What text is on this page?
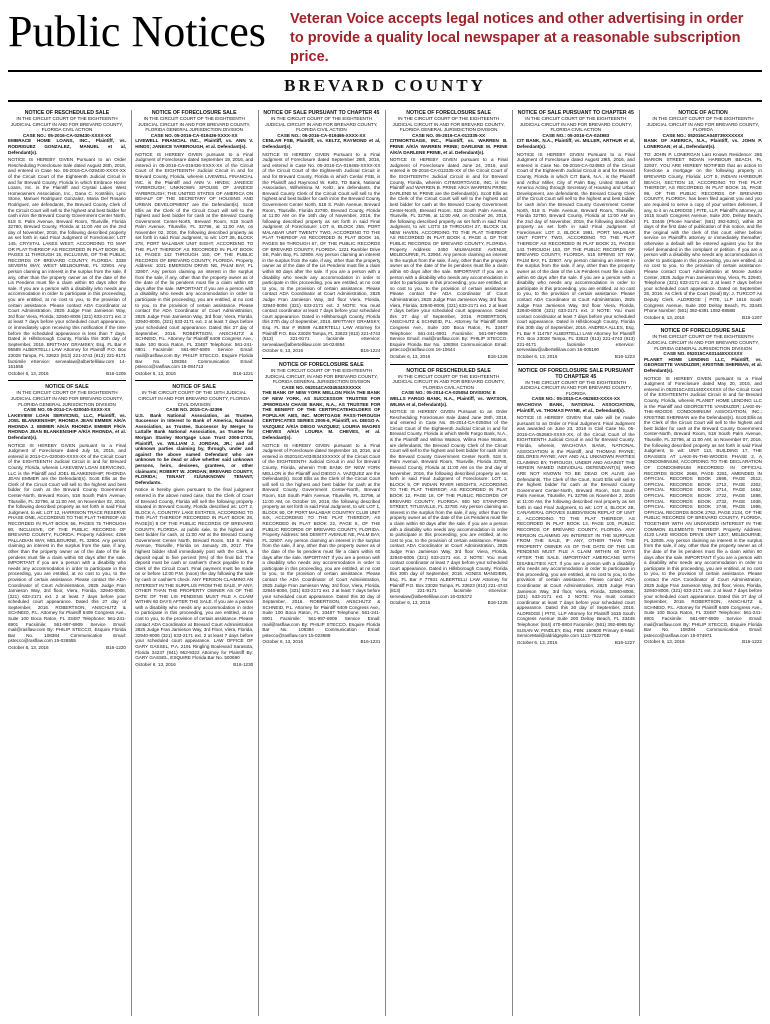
Public Notices Veteran Voice accepts legal notices and other advertising in order to provide a quality local newspaper at a reasonable subscription price.
BREVARD COUNTY

NOTICE OF RESCHEDULED SALE

IN THE CIRCUIT COURT OF THE EIGHTEENTH JUDICIAL CIRCUIT IN AND FOR BREVARD COUNTY, FLORIDA CIVIL ACTION

CASE NO.: 05-2016-CA-029430-XXXX-XX

EMBRACE HOME LOANS, INC., Plaintiff, vs. RODRIGUEZ GONZALEZ, MANUEL et al, Defendant(s).

NOTICE IS HEREBY GIVEN Pursuant to an Order Rescheduling Foreclosure Sale dated August 26th, 2016, and entered in Case No. 05-2016-CA-029430-XXXX-XX of the Circuit Court of the Eighteenth Judicial Circuit in and for Brevard County, Florida in which Embrace Home Loans, Inc. is the Plaintiff and Crystal Lakes West Homeowners Association, Inc., Dana C. Kostrikin, Lyric Stone, Manuel Rodriguez Gonzalez, Maria Del Rosario Rodriguez, are defendants, the Brevard County Clerk of the Circuit Court will sell to the highest and best bidder for cash in/on the Brevard County Government Center North, 518 S. Palm Avenue, Brevard Room, Titusville, Florida 32780, Brevard County, Florida at 11:00 AM on the 2nd day of November, 2016, the following described property as set forth in said Final Judgment of Foreclosure: LOT 145, CRYSTAL LAKES WEST, ACCORDING TO MAP OR PLAT THEREOF AS RECORDED IN PLAT BOOK 56, PAGES 11 THROUGH 15, INCLUSIVE, OF THE PUBLIC RECORDS OF BREVARD COUNTY, FLORIDA. 3338 SEVERN WAY, WEST MELBOURNE, FL 32904. Any person claiming an interest in the surplus from the sale, if any, other than the property owner as of the date of the Lis Pendens must file a claim within 60 days after the sale. If you are a person with a disability who needs any accommodation in order to participate in this proceeding, you are entitled, at no cost to you, to the provision of certain assistance. Please contact ADA Coordinator at Court Administration, 2825 Judge Fran Jamieson Way, 3rd floor Viera, Florida, 32940-8006 (321) 633-2171 ext. 2 at least 7 days before your scheduled court appearance, or immediately upon receiving this notification if the time before the scheduled appearance is less than 7 days. Dated in Hillsborough County, Florida this 30th day of September, 2016. BRITTANY GRAMSKY, Esq. FL Bar # 95589 ALBERTELLI LAW Attorney for Plaintiff P.O. Box 23028 Tampa, FL 33623 (813) 221-4743 (813) 221-9171 facsimile eService: servealaw@albertellilaw.com 14-151555

October 6, 13, 2016	B16-1205

NOTICE OF SALE

IN THE CIRCUIT COURT OF THE EIGHTEENTH JUDICIAL CIRCUIT IN AND FOR BREVARD COUNTY, FLORIDA GENERAL JURISDICTION DIVISION

CASE NO. 05-2014-CA-020040-XXXX-XX

LAKEVIEW LOAN SERVICING, LLC, Plaintiff, vs. JOEL BLANKENSHIP; RHONDA JEAN EMMER A/K/A RHONDA J. EMMER A/K/A RHONDA EMMER F/K/A RHONDA JEAN BLANKENSHIP A/K/A RHONDA, et al. Defendant(s).

NOTICE IS HEREBY GIVEN pursuant to a Final Judgment of Foreclosure dated July 16, 2015, and entered in 2014-CA-020040-XXXX-XX of the Circuit Court of the EIGHTEENTH Judicial Circuit in and for Brevard County, Florida, wherein LAKEVIEW LOAN SERVICING, LLC is the Plaintiff and JOEL BLANKENSHIP; RHONDA JEAN EMMER are the Defendant(s). Scott Ellis as the Clerk of the Circuit Court will sell to the highest and best bidder for cash at the Brevard County Government Center-North, Brevard Room, 518 South Palm Avenue, Titusville, FL 32796, at 11:00 AM, on November 02, 2016, the following described property as set forth in said Final Judgment, to wit: LOT 12, HARRISON TRACE RESERVE PHASE ONE, ACCORDING TO THE PLAT THEREOF AS RECORDED IN PLAT BOOK 56, PAGES 75 THROUGH 80, INCLUSIVE, OF THE PUBLIC RECORDS OF BREVARD COUNTY, FLORIDA. Property Address: 4266 PALLADIAN WAY, MELBOURNE, FL 32904. Any person claiming an interest in the surplus from the sale, if any, other than the property owner as of the date of the lis pendens must file a claim within 60 days after the sale. IMPORTANT If you are a person with a disability who needs any accommodation in order to participate in this proceeding, you are entitled, at no cost to you, to the provision of certain assistance. Please contact the ADA Coordinator of Court Administration, 2825 Judge Fran Jamieson Way, 3rd floor, Viera, Florida, 32940-8006, (321) 633-2171 ext. 2 at least 7 days before your scheduled court appearance. Dated this 27 day of September, 2016. ROBERTSON, ANSCHUTZ & SCHNEID, P.L. Attorney for Plaintiff 6409 Congress Ave., Suite 100 Boca Raton, FL 33487 Telephone: 561-241-6901 Facsimile: 561-997-6909 Service Email: mail@rasflaw.com By: PHILIP STECCO, Esquire Florida Bar No. 108384 Communication Email: pstecco@rasflaw.com 15-026555

October 6, 13, 2016	B16-1220

NOTICE OF FORECLOSURE SALE

IN THE CIRCUIT COURT OF THE EIGHTEENTH JUDICIAL CIRCUIT IN AND FOR BREVARD COUNTY, FLORIDA GENERAL JURISDICTION DIVISION

CASE NO. 05-2016-CA-019436-XXXX-XX

LIVEWELL FINANCIAL INC., Plaintiff, vs. ANN V. HINDS; JANEICE YARBROUGH, et al. Defendant(s).

NOTICE IS HEREBY GIVEN pursuant to a Final Judgment of Foreclosure dated September 19, 2016, and entered in 05-2016-CA-019436-XXXX-XX of the Circuit Court of the EIGHTEENTH Judicial Circuit in and for Brevard County, Florida, wherein LIVEWELL FINANCIAL INC. is the Plaintiff and ANN V. HINDS; JANEICE YARBROUGH; UNKNOWN SPOUSE OF JANEICE YARBROUGH; THE UNITED STATES OF AMERICA ON BEHALF OF THE SECRETARY OF HOUSING AND URBAN DEVELOPMENT are the Defendant(s). Scott Ellis as the Clerk of the Circuit Court will sell to the highest and best bidder for cash at the Brevard County Government Center-North, Brevard Room, 518 South Palm Avenue, Titusville, FL 32796, at 11:00 AM, on November 02, 2016, the following described property as set forth in said Final Judgment, to wit: LOT 36, BLOCK 278, PORT MALABAR UNIT EIGHT, ACCORDING TO THE PLAT THEREOF AS RECORDED IN PLAT BOOK 14, PAGES 142 THROUGH 150, OF THE PUBLIC RECORDS OF BREVARD COUNTY, FLORIDA. Property Address: 1021 EMERSON DRIVE NE, PALM BAY, FL 32907. Any person claiming an interest in the surplus from the sale, if any, other than the property owner as of the date of the lis pendens must file a claim within 60 days after the sale. IMPORTANT If you are a person with a disability who needs any accommodation in order to participate in this proceeding, you are entitled, at no cost to you, to the provision of certain assistance. Please contact the ADA Coordinator of Court Administration, 2825 Judge Fran Jamieson Way, 3rd floor, Viera, Florida, 32940-8006, (321) 633-2171 ext. 2 at least 7 days before your scheduled court appearance. Dated this 27 day of September, 2016. ROBERTSON, ANSCHUTZ & SCHNEID, P.L. Attorney for Plaintiff 6409 Congress Ave., Suite 100 Boca Raton, FL 33487 Telephone: 561-241-6901 Facsimile: 561-997-6909 Service Email: mail@rasflaw.com By: PHILIP STECCO, Esquire Florida Bar No. 108384 Communication Email: pstecco@rasflaw.com 15-084713

October 6, 13, 2016	B16-1221

NOTICE OF SALE

IN THE CIRCUIT COURT OF THE 18TH JUDICIAL CIRCUIT IN AND FOR BREVARD COUNTY, FLORIDA CIVIL DIVISION

CASE NO. 2015-CA-42396

U.S. Bank National Association, as Trustee, Successor in Interest to Bank of America, National Association, as Trustee, Successor by Merger to LaSalle Bank National Association, as Trustee for Morgan Stanley Mortgage Loan Trust 2006-17XS, Plaintiff, vs. WILLIAM J. JORDAN, JR.; and all unknown parties claiming by, through, under and against the above named Defendant who are unknown to be dead or alive whether said unknown persons, heirs, devisees, grantees, or other claimants; ROBERT W. JORDAN; BREVARD COUNTY, FLORIDA; TENANT #1/UNKNOWN TENANT, Defendants.

Notice is hereby given pursuant to the final judgment entered in the above noted case, that the Clerk of Court of Brevard County, Florida will sell the following property situated in Brevard County, Florida described as: LOT 2, BLOCK A, COUNTRY LAKE ESTATES, ACCORDING TO THE PLAT THEREOF RECORDED IN PLAT BOOK 28, PAGE(S) 8 OF THE PUBLIC RECORDS OF BREVARD COUNTY, FLORIDA. at public sale, to the highest and best bidder for cash, at 11:00 AM at the Brevard County Government Center North, Brevard Room, 518 S. Palm Avenue, Titusville, Florida on January 25, 2017. The highest bidder shall immediately post with the Clerk, a deposit equal to five percent (5%) of the final bid. The deposit must be cash or cashier's check payable to the Clerk of the Circuit Court. Final payment must be made on or before 12:00 P.M. (noon) the day following the sale by cash or cashier's check. ANY PERSON CLAIMING AN INTEREST IN THE SURPLUS FROM THE SALE, IF ANY, OTHER THAN THE PROPERTY OWNER AS OF THE DATE OF THE LIS PENDENS MUST FILE A CLAIM WITHIN 60 DAYS AFTER THE SALE. If you are a person with a disability who needs any accommodation in order to participate in this proceeding, you are entitled, at no cost to you, to the provision of certain assistance. Please contact ADA Coordinator at Brevard Court Administration 2825 Judge Fran Jamieson Way, 3rd Floor, Viera, Florida, 32940-8006 (321) 633-2171 ext. 2 at least 7 days before your scheduled court appearance. LAW OFFICE OF GARY GASSEL, P.A. 2191 Ringling Boulevard Sarasota, Florida 34237 (941) 952-9322 Attorney for Plaintiff By: GARY GASSEL, ESQUIRE Florida Bar No. 500690

October 6, 13, 2016	B16-1230

NOTICE OF SALE PURSUANT TO CHAPTER 45

IN THE CIRCUIT COURT OF THE EIGHTEENTH JUDICIAL CIRCUIT IN AND FOR BREVARD COUNTY, FLORIDA CIVIL ACTION

CASE NO.: 05-2016-CA-019465-XXXX-XX

CENLAR FSB, Plaintiff, vs. KELTZ, RAYMOND et al, Defendant(s).

NOTICE IS HEREBY GIVEN Pursuant to a Final Judgment of Foreclosure dated September 26th, 2016, and entered in Case No. 05-2016-CA-019465-XXXX-XX of the Circuit Court of the Eighteenth Judicial Circuit in and for Brevard County, Florida in which Cenlar FSB, is the Plaintiff and Raymond W. Keltz, TD Bank, National Association, Wilhelmina M. Keltz, are defendants, the Brevard County Clerk of the Circuit Court will sell to the highest and best bidder for cash in/on the Brevard County Government Center North, 518 S. Palm Avenue, Brevard Room, Titusville, Florida 32780, Brevard County, Florida at 11:00 AM on the 16th day of November, 2016, the following described property as set forth in said Final Judgment of Foreclosure: LOT 8, BLOCK 255, PORT MALABAR UNIT TWENTY TWO, ACCORDING TO THE PLAT THEREOF AS RECORDED IN PLAT BOOK 16, PAGES 59 THROUGH 67, OF THE PUBLIC RECORDS OF BREVARD COUNTY, FLORIDA. 1221 Rambler Drive SE, Palm Bay, FL 32909. Any person claiming an interest in the surplus from the sale, if any, other than the property owner as of the date of the Lis Pendens must file a claim within 60 days after the sale. If you are a person with a disability who needs any accommodation in order to participate in this proceeding, you are entitled, at no cost to you, to the provision of certain assistance. Please contact ADA Coordinator at Court Administration, 2825 Judge Fran Jamieson Way, 3rd floor Viera, Florida, 32940-8006 (321) 633-2171 ext. 2 NOTE: You must contact coordinator at least 7 days before your scheduled court appearance. Dated in Hillsborough County, Florida this 27th day of September, 2016. BRITTANY GRAMSKY, Esq. FL Bar # 95589 ALBERTELLI LAW Attorney for Plaintiff P.O. Box 23028 Tampa, FL 33623 (813) 221-4743 (813) 221-9171 facsimile eService: servealaw@albertellilaw.com 16-024854

October 6, 13, 2016	B16-1224

NOTICE OF FORECLOSURE SALE

IN THE CIRCUIT COURT OF THE EIGHTEENTH JUDICIAL CIRCUIT, IN AND FOR BREVARD COUNTY, FLORIDA GENERAL JURISDICTION DIVISION

CASE NO. 052014CA034534XXXXXX

THE BANK OF NEW YORK MELLON F/K/A THE BANK OF NEW YORK, AS SUCCESSOR TRUSTEE FOR JPMORGAN CHASE BANK, N.A., AS TRUSTEE FOR THE BENEFIT OF THE CERTIFICATEHOLDERS OF POPULAR ABS, INC. MORTGAGE PASS-THROUGH CERTIFICATES SERIES 2005-6, Plaintiff, vs. DIEGO A. VAZQUEZ A/K/A DIEGO VAZQUEZ; LOURIA MAGRIS CHEVES A/K/A LOURIA M. CHEVES, et al. Defendant(s).

NOTICE IS HEREBY GIVEN pursuant to a Final Judgment of Foreclosure dated September 16, 2016, and entered in 052014CA034534XXXXXX of the Circuit Court of the EIGHTEENTH Judicial Circuit in and for Brevard County, Florida, wherein THE BANK OF NEW YORK MELLON is the Plaintiff and DIEGO A. VAZQUEZ are the Defendant(s). Scott Ellis as the Clerk of the Circuit Court will sell to the highest and best bidder for cash at the Brevard County Government Center-North, Brevard Room, 518 South Palm Avenue, Titusville, FL 32796, at 11:00 AM, on October 19, 2016, the following described property as set forth in said Final Judgment, to wit: LOT 1, BLOCK 90, OF PORT MALABAR COUNTRY CLUB UNIT SIX, ACCORDING TO THE PLAT THEREOF, AS RECORDED IN PLAT BOOK 22, PAGE 6, OF THE PUBLIC RECORDS OF BREVARD COUNTY, FLORIDA. Property Address: 565 DEWITT AVENUE NE, PALM BAY, FL 32907. Any person claiming an interest in the surplus from the sale, if any, other than the property owner as of the date of the lis pendens must file a claim within 60 days after the sale. IMPORTANT If you are a person with a disability who needs any accommodation in order to participate in this proceeding, you are entitled, at no cost to you, to the provision of certain assistance. Please contact the ADA Coordinator of Court Administration, 2825 Judge Fran Jamieson Way, 3rd floor, Viera, Florida, 32940-8006, (321) 633-2171 ext. 2 at least 7 days before your scheduled court appearance. Dated this 30 day of September, 2016. ROBERTSON, ANSCHUTZ & SCHNEID, P.L. Attorney for Plaintiff 6409 Congress Ave., Suite 100 Boca Raton, FL 33487 Telephone: 561-241-6901 Facsimile: 561-997-6909 Service Email: mail@rasflaw.com By: PHILIP STECCO, Esquire Florida Bar No. 108384 Communication Email: pstecco@rasflaw.com 15-023688

October 6, 13, 2016	B16-1231

NOTICE OF FORECLOSURE SALE

IN THE CIRCUIT COURT OF THE EIGHTEENTH JUDICIAL CIRCUIT IN AND FOR BREVARD COUNTY, FLORIDA GENERAL JURISDICTION DIVISION

CASE NO. 05-2016-CA-012335-XX

CITIMORTGAGE, INC., Plaintiff, vs. WARREN B. PRINE A/K/A WARREN PRINE; DARLENE M. PRINE A/K/A DARLENE PRINE, et al. Defendant(s).

NOTICE IS HEREBY GIVEN pursuant to a Final Judgment of Foreclosure dated June 24, 2016, and entered in 05-2016-CA-012335-XX of the Circuit Court of the EIGHTEENTH Judicial Circuit in and for Brevard County, Florida, wherein CITIMORTGAGE, INC. is the Plaintiff and WARREN B. PRINE A/K/A WARREN PRINE; DARLENE M. PRINE are the Defendant(s). Scott Ellis as the Clerk of the Circuit Court will sell to the highest and best bidder for cash at the Brevard County Government Center-North, Brevard Room, 518 South Palm Avenue, Titusville, FL 32796, at 11:00 AM, on October 26, 2016, the following described property as set forth in said Final Judgment, to wit: LOTS 19 THROUGH 27, BLOCK 19, NEW HAVEN, ACCORDING TO THE PLAT THEREOF AS RECORDED IN PLAT BOOK 4, PAGE 4, OF THE PUBLIC RECORDS OF BREVARD COUNTY, FLORIDA. Property Address: 3450 MILWAUKEE AVENUE, MELBOURNE, FL 32904. Any person claiming an interest in the surplus from the sale, if any, other than the property owner as of the date of the lis pendens must file a claim within 60 days after the sale. IMPORTANT If you are a person with a disability who needs any accommodation in order to participate in this proceeding, you are entitled, at no cost to you, to the provision of certain assistance. Please contact the ADA Coordinator of Court Administration, 2825 Judge Fran Jamieson Way, 3rd floor, Viera, Florida, 32940-8006, (321) 633-2171 ext. 2 at least 7 days before your scheduled court appearance. Dated this 27 day of September, 2016. ROBERTSON, ANSCHUTZ & SCHNEID, P.L. Attorney for Plaintiff 6409 Congress Ave., Suite 100 Boca Raton, FL 33487 Telephone: 561-241-6901 Facsimile: 561-997-6909 Service Email: mail@rasflaw.com By: PHILIP STECCO, Esquire Florida Bar No. 108384 Communication Email: pstecco@rasflaw.com 16-10644

October 6, 13, 2016	B16-1226

NOTICE OF RESCHEDULED SALE

IN THE CIRCUIT COURT OF THE EIGHTEENTH JUDICIAL CIRCUIT IN AND FOR BREVARD COUNTY, FLORIDA CIVIL ACTION

CASE NO.: 05-2014-CA-025054 DIVISION: E

WELLS FARGO BANK, N.A., Plaintiff, vs. WATSON, WILMA et al, Defendant(s).

NOTICE IS HEREBY GIVEN Pursuant to an Order Rescheduling Foreclosure Sale dated June 29th, 2016, and entered in Case No. 05-2014-CA-025054 of the Circuit Court of the Eighteenth Judicial Circuit in and for Brevard County, Florida in which Wells Fargo Bank, N.A., is the Plaintiff and Wilma Watson, Wilma Rose Watson, are defendants, the Brevard County Clerk of the Circuit Court will sell to the highest and best bidder for cash in/on the Brevard County Government Center North, 518 S. Palm Avenue, Brevard Room, Titusville, Florida 32780, Brevard County, Florida at 11:00 AM on the 2nd day of November, 2016, the following described property as set forth in said Final Judgment of Foreclosure: LOT 1, BLOCK 9, OF INDIAN RIVER HEIGHTS, ACCORDING TO THE PLAT THEREOF, AS RECORDED IN PLAT BOOK 12, PAGE 18, OF THE PUBLIC RECORDS OF BREVARD COUNTY, FLORIDA. 650 NO STANFORD STREET, TITUSVILLE, FL 32780. Any person claiming an interest in the surplus from the sale, if any, other than the property owner as of the date of the Lis Pendens must file a claim within 60 days after the sale. If you are a person with a disability who needs any accommodation in order to participate in this proceeding, you are entitled, at no cost to you, to the provision of certain assistance. Please contact ADA Coordinator at Court Administration, 2825 Judge Fran Jamieson Way, 3rd floor Viera, Florida, 32940-8006 (321) 633-2171 ext. 2 NOTE: You must contact coordinator at least 7 days before your scheduled court appearance. Dated in Hillsborough County, Florida this 30th day of September, 2016. AGNES MANGIBIN, Esq. FL Bar # 77931 ALBERTELLI LAW Attorney for Plaintiff P.O. Box 23028 Tampa, FL 33623 (813) 221-4743 (813) 221-9171 facsimile eService: servealaw@albertellilaw.com 16-025372

October 6, 13, 2016	B16-1225

NOTICE OF SALE PURSUANT TO CHAPTER 45

IN THE CIRCUIT COURT OF THE EIGHTEENTH JUDICIAL CIRCUIT IN AND FOR BREVARD COUNTY, FLORIDA CIVIL ACTION

CASE NO.: 05-2016-CA-024983

CIT BANK, N.A., Plaintiff, vs. MILLER, ARTHUR et al, Defendant(s).

NOTICE IS HEREBY GIVEN Pursuant to a Final Judgment of Foreclosure dated August 29th, 2016, and entered in Case No. 05-2016-CA-024983 of the Circuit Court of the Eighteenth Judicial Circuit in and for Brevard County, Florida in which CIT Bank, N.A., is the Plaintiff and Arthur Miller, City of Palm Bay, United States of America Acting through Secretary of Housing and Urban Development, are defendants, the Brevard County Clerk of the Circuit Court will sell to the highest and best bidder for cash in/on the Brevard County Government Center North, 518 S. Palm Avenue, Brevard Room, Titusville, Florida 32780, Brevard County, Florida at 11:00 AM on the 2nd day of November, 2016, the following described property as set forth in said Final Judgment of Foreclosure: LOT 2, BLOCK 1991, PORT MALABAR UNIT FORTY TWO, ACCORDING TO THE PLAT THEREOF AS RECORDED IN PLAT BOOK 21, PAGES 143 THROUGH 163, OF THE PUBLIC RECORDS OF BREVARD COUNTY, FLORIDA. 515 SPRING ST NW, PALM BAY, FL 32907. Any person claiming an interest in the surplus from the sale, if any, other than the property owner as of the date of the Lis Pendens must file a claim within 60 days after the sale. If you are a person with a disability who needs any accommodation in order to participate in this proceeding, you are entitled, at no cost to you, to the provision of certain assistance. Please contact ADA Coordinator at Court Administration, 2825 Judge Fran Jamieson Way, 3rd floor Viera, Florida, 32940-8006 (321) 633-2171 ext. 2 NOTE: You must contact coordinator at least 7 days before your scheduled court appearance. Dated in Hillsborough County, Florida this 30th day of September, 2016. ANDREA ALLES, Esq. FL Bar # 114757 ALBERTELLI LAW Attorney for Plaintiff P.O. Box 23028 Tampa, FL 33623 (813) 221-4743 (813) 221-9171 facsimile eService: servealaw@albertellilaw.com 16-005190

October 6, 13, 2016	B16-1223

NOTICE OF FORECLOSURE SALE PURSUANT TO CHAPTER 45

IN THE CIRCUIT COURT OF THE EIGHTEENTH JUDICIAL CIRCUIT IN AND FOR BREVARD COUNTY, FLORIDA

CASE NO.: 05-2015-CA-052683-XXXX-XX

WACHOVIA BANK, NATIONAL ASSOCIATION, Plaintiff, vs. THOMAS PAYNE, et al., Defendant(s).

NOTICE IS HEREBY GIVEN that sale will be made pursuant to an Order or Final Judgment. Final Judgment was awarded on June 23, 2016 in Civil Case No. 05-2015-CA-052683-XXXX-XX, of the Circuit Court of the EIGHTEENTH Judicial Circuit in and for Brevard County, Florida, wherein, WACHOVIA BANK, NATIONAL ASSOCIATION is the Plaintiff, and THOMAS PAYNE; DELORES PAYNE; ANY AND ALL UNKNOWN PARTIES CLAIMING BY, THROUGH, UNDER AND AGAINST THE HEREIN NAMED INDIVIDUAL DEFENDANT(S) WHO ARE NOT KNOWN TO BE DEAD OR ALIVE are Defendants. The Clerk of the Court, Scott Ellis will sell to the highest bidder for cash at the Brevard County Government Center-North, Brevard Room, 518 South Palm Avenue, Titusville, FL 32796 on November 2, 2016 at 11:00 AM, the following described real property as set forth in said Final Judgment, to wit: LOT 4, BLOCK 2B, CANAVERAL GROVES SUBDIVISION REPLAT OF UNIT 2, ACCORDING TO THE PLAT THEREOF, AS RECORDED IN PLAT BOOK 13, PAGE 100, PUBLIC RECORDS OF BREVARD COUNTY, FLORIDA. ANY PERSON CLAIMING AN INTEREST IN THE SURPLUS FROM THE SALE, IF ANY, OTHER THAN THE PROPERTY OWNER AS OF THE DATE OF THE LIS PENDENS MUST FILE A CLAIM WITHIN 60 DAYS AFTER THE SALE. IMPORTANT AMERICANS WITH DISABILITIES ACT. If you are a person with a disability who needs any accommodation in order to participate in this proceeding, you are entitled, at no cost to you, to the provision of certain assistance. Please contact ADA Coordinator at Court Administration, 2825 Judge Fran Jamieson Way, 3rd floor, Viera, Florida, 32940-8006, (321) 633-2171 ext. 2 NOTE: You must contact coordinator at least 7 days before your scheduled court appearance. Dated this 30 day of September, 2016. ALDRIDGE | PITE, LLP Attorney for Plaintiff 1615 South Congress Avenue Suite 200 Delray Beach, FL 33445 Telephone: (844) 470-8804 Facsimile: (561) 392-6965 By: SUSAN W. FINDLEY, Esq. FBN: 160600 Primary E-Mail: ServiceMail@aldridgepite.com 1113-752270B

October 6, 13, 2016	B16-1227

NOTICE OF ACTION

IN THE CIRCUIT COURT OF THE EIGHTEENTH JUDICIAL CIRCUIT IN AND FOR BREVARD COUNTY, FLORIDA

CASE NO.: 052016CA040739XXXXXX

BANK OF AMERICA, N.A., Plaintiff, vs. JOHN P. LONERGAN; et al., Defendant(s).

TO: JOHN P. LONERGAN Last Known Residence: 265 MARION STREET INDIAN HARBOUR BEACH, FL 32937. YOU ARE HEREBY NOTIFIED that an action to foreclose a mortgage on the following property in BREVARD County, Florida: LOT 5, INDIAN HARBOUR BEACH, SECTION 10, ACCORDING TO THE PLAT THEREOF, AS RECORDED IN PLAT BOOK 15, PAGE 99, OF THE PUBLIC RECORDS OF BREVARD COUNTY, FLORIDA. has been filed against you and you are required to serve a copy of your written defenses, if any, to it on ALDRIDGE | PITE, LLP, Plaintiff's attorney, at 1615 South Congress Avenue, Suite 200, Delray Beach, FL 33445 (Phone Number: (561) 392-6391), within 30 days of the first date of publication of this notice, and file the original with the clerk of this court either before service on Plaintiff's attorney or immediately thereafter; otherwise a default will be entered against you for the relief demanded in the complaint or petition. If you are a person with a disability who needs any accommodation in order to participate in this proceeding, you are entitled, at no cost to you, to the provision of certain assistance. Please contact Court Administration at Moore Justice Center, 2825 Judge Fran Jamieson Way, Viera, FL 32940, Telephone (321) 633-2171 ext. 2 at least 7 days before your scheduled court appearance. Dated on September 26, 2016. As Clerk of the Court (Seal) By: J. TURCOT As Deputy Clerk. ALDRIDGE | PITE, LLP 1615 South Congress Avenue, Suite 200 Delray Beach, FL 33445 Phone Number: (561) 392-6391 1092-8858B

October 6, 13, 2016	B16-1207

NOTICE OF FORECLOSURE SALE

IN THE CIRCUIT COURT OF THE EIGHTEENTH JUDICIAL CIRCUIT IN AND FOR BREVARD COUNTY, FLORIDA GENERAL JURISDICTION DIVISION

CASE NO. 052015CA031440XXXXXX

PLANET HOME LENDING LLC, Plaintiff, vs. GEORGETTE VANDUZER; KRISTINE SHERMAN, et al. Defendant(s).

NOTICE IS HEREBY GIVEN pursuant to a Final Judgment of Foreclosure dated May 20, 2016, and entered in 052015CA031440XXXXXX of the Circuit Court of the EIGHTEENTH Judicial Circuit in and for Brevard County, Florida, wherein PLANET HOME LENDING LLC is the Plaintiff and GEORGETTE VANDUZER; LAKE-IN-THE-WOODS CONDOMINIUM ASSOCIATION, INC.; KRISTINE SHERMAN are the Defendant(s). Scott Ellis as the Clerk of the Circuit Court will sell to the highest and best bidder for cash at the Brevard County Government Center-North, Brevard Room, 518 South Palm Avenue, Titusville, FL 32796, at 11:00 AM, on November 07, 2016, the following described property as set forth in said Final Judgment, to wit: UNIT 113, BUILDING 17, THE GRASSES AT LAKE-IN-THE-WOODS PHASE 2, A CONDOMINIUM, ACCORDING TO THE DECLARATION OF CONDOMINIUM RECORDED IN OFFICIAL RECORDS BOOK 2668, PAGE 2281, AMENDED IN OFFICIAL RECORDS BOOK 2696, PAGE 2512, OFFICIAL RECORDS BOOK 2712, PAGE 2302, OFFICIAL RECORDS BOOK 2714, PAGE 1652, OFFICIAL RECORDS BOOK 2722, PAGE 1886, OFFICIAL RECORDS BOOK 2732, PAGE 1936, OFFICIAL RECORDS BOOK 2746, PAGE 1996, OFFICIAL RECORDS BOOK 2762, PAGE 2134, OF THE PUBLIC RECORDS OF BREVARD COUNTY, FLORIDA, TOGETHER WITH AN UNDIVIDED INTEREST IN THE COMMON ELEMENTS THEREOF. Property Address: 4120 LAKE WOODS DRIVE UNIT 1307, MELBOURNE, FL 32935. Any person claiming an interest in the surplus from the sale, if any, other than the property owner as of the date of the lis pendens must file a claim within 60 days after the sale. IMPORTANT If you are a person with a disability who needs any accommodation in order to participate in this proceeding, you are entitled, at no cost to you, to the provision of certain assistance. Please contact the ADA Coordinator of Court Administration, 2825 Judge Fran Jamieson Way, 3rd floor, Viera, Florida, 32940-8006, (321) 633-2171 ext. 2 at least 7 days before your scheduled court appearance. Dated this 27 day of September, 2016. ROBERTSON, ANSCHUTZ & SCHNEID, P.L. Attorney for Plaintiff 6409 Congress Ave., Suite 100 Boca Raton, FL 33487 Telephone: 561-241-6901 Facsimile: 561-997-6909 Service Email: mail@rasflaw.com By: PHILIP STECCO, Esquire Florida Bar No. 108384 Communication Email: pstecco@rasflaw.com 15-074971

October 6, 13, 2016	B16-1222
